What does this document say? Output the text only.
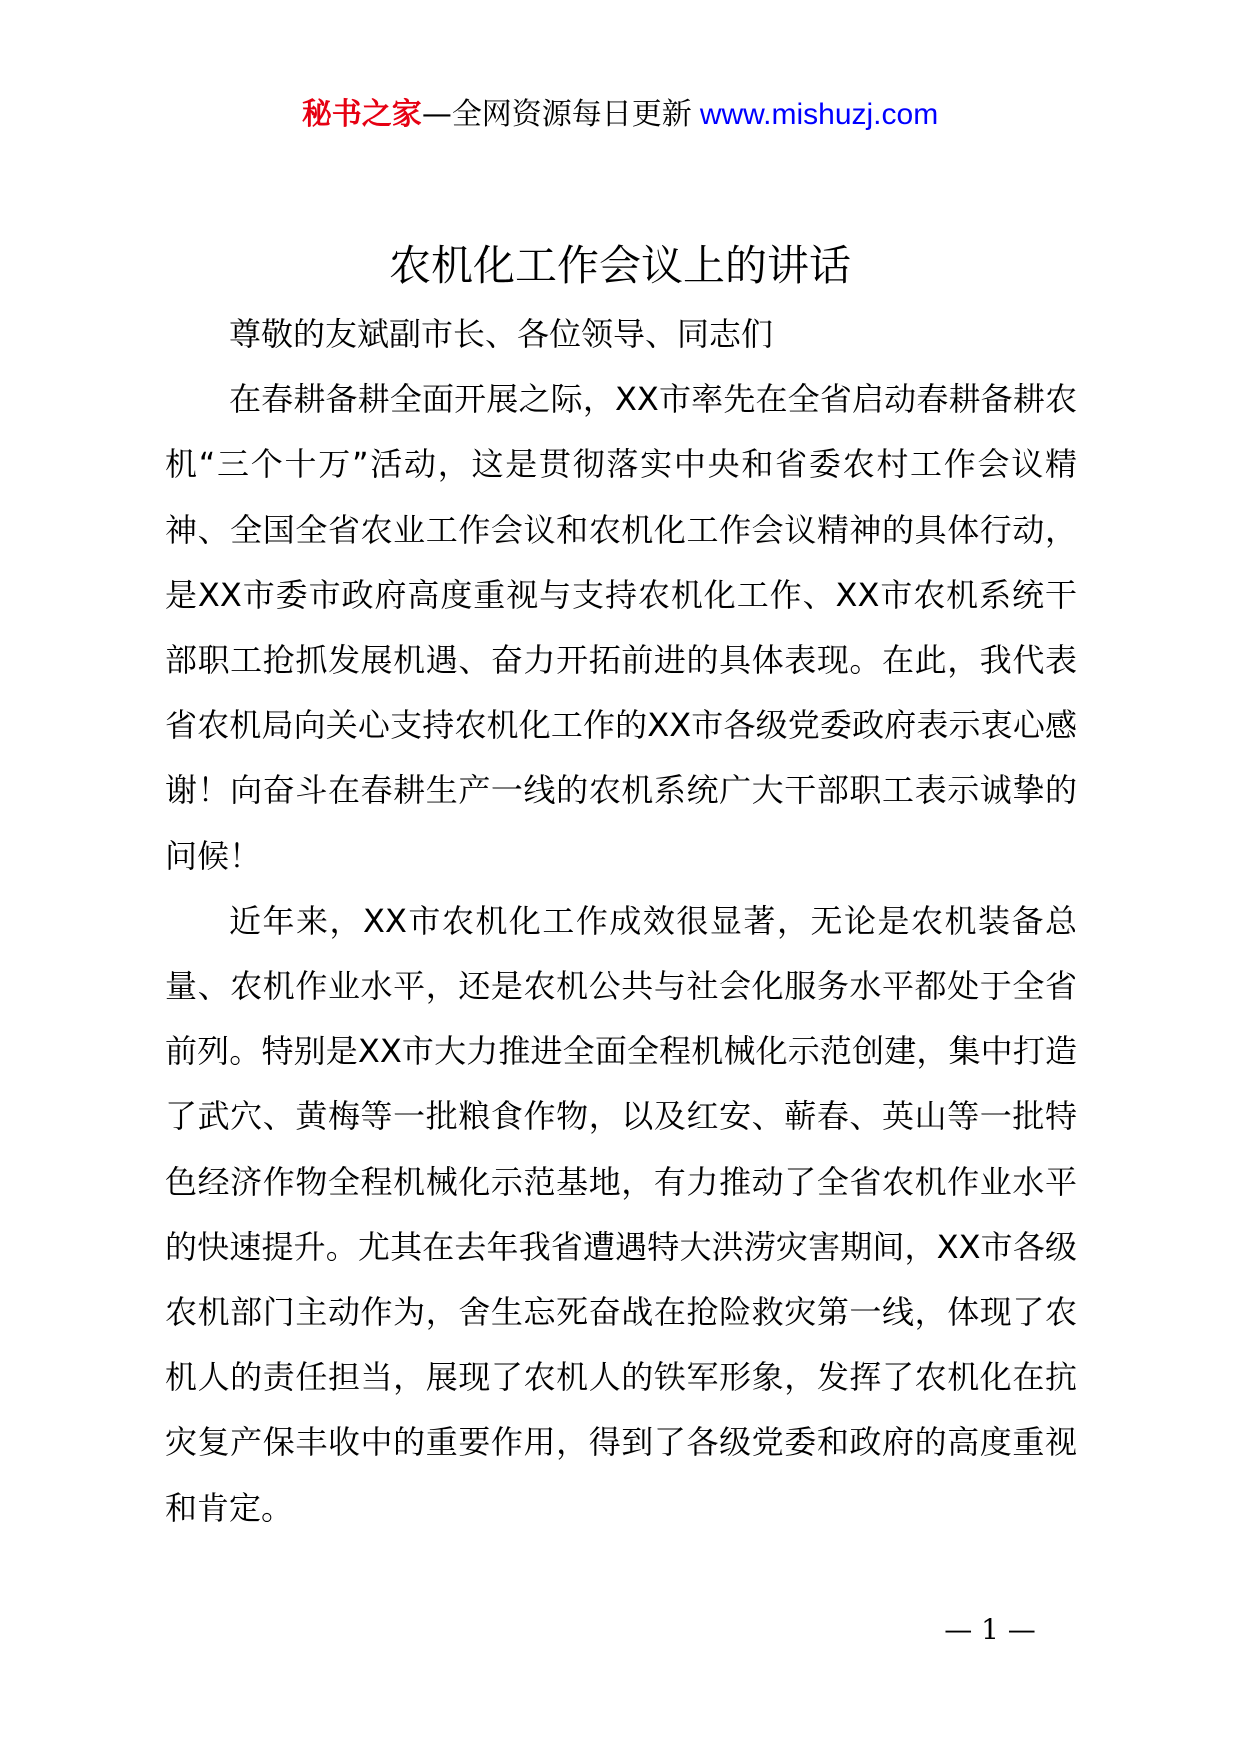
秘书之家—全网资源每日更新 www.mishuzj.com
农机化工作会议上的讲话

尊敬的友斌副市长、各位领导、同志们

在春耕备耕全面开展之际，XX市率先在全省启动春耕备耕农机“三个十万”活动，这是贯彻落实中央和省委农村工作会议精神、全国全省农业工作会议和农机化工作会议精神的具体行动，是XX市委市政府高度重视与支持农机化工作、XX市农机系统干部职工抢抓发展机遇、奋力开拓前进的具体表现。在此，我代表省农机局向关心支持农机化工作的XX市各级党委政府表示衷心感谢！向奋斗在春耕生产一线的农机系统广大干部职工表示诚挚的问候！

近年来，XX市农机化工作成效很显著，无论是农机装备总量、农机作业水平，还是农机公共与社会化服务水平都处于全省前列。特别是XX市大力推进全面全程机械化示范创建，集中打造了武穴、黄梅等一批粮食作物，以及红安、蕲春、英山等一批特色经济作物全程机械化示范基地，有力推动了全省农机作业水平的快速提升。尤其在去年我省遭遇特大洪涝灾害期间，XX市各级农机部门主动作为，舍生忘死奋战在抢险救灾第一线，体现了农机人的责任担当，展现了农机人的铁军形象，发挥了农机化在抗灾复产保丰收中的重要作用，得到了各级党委和政府的高度重视和肯定。

— 1 —
